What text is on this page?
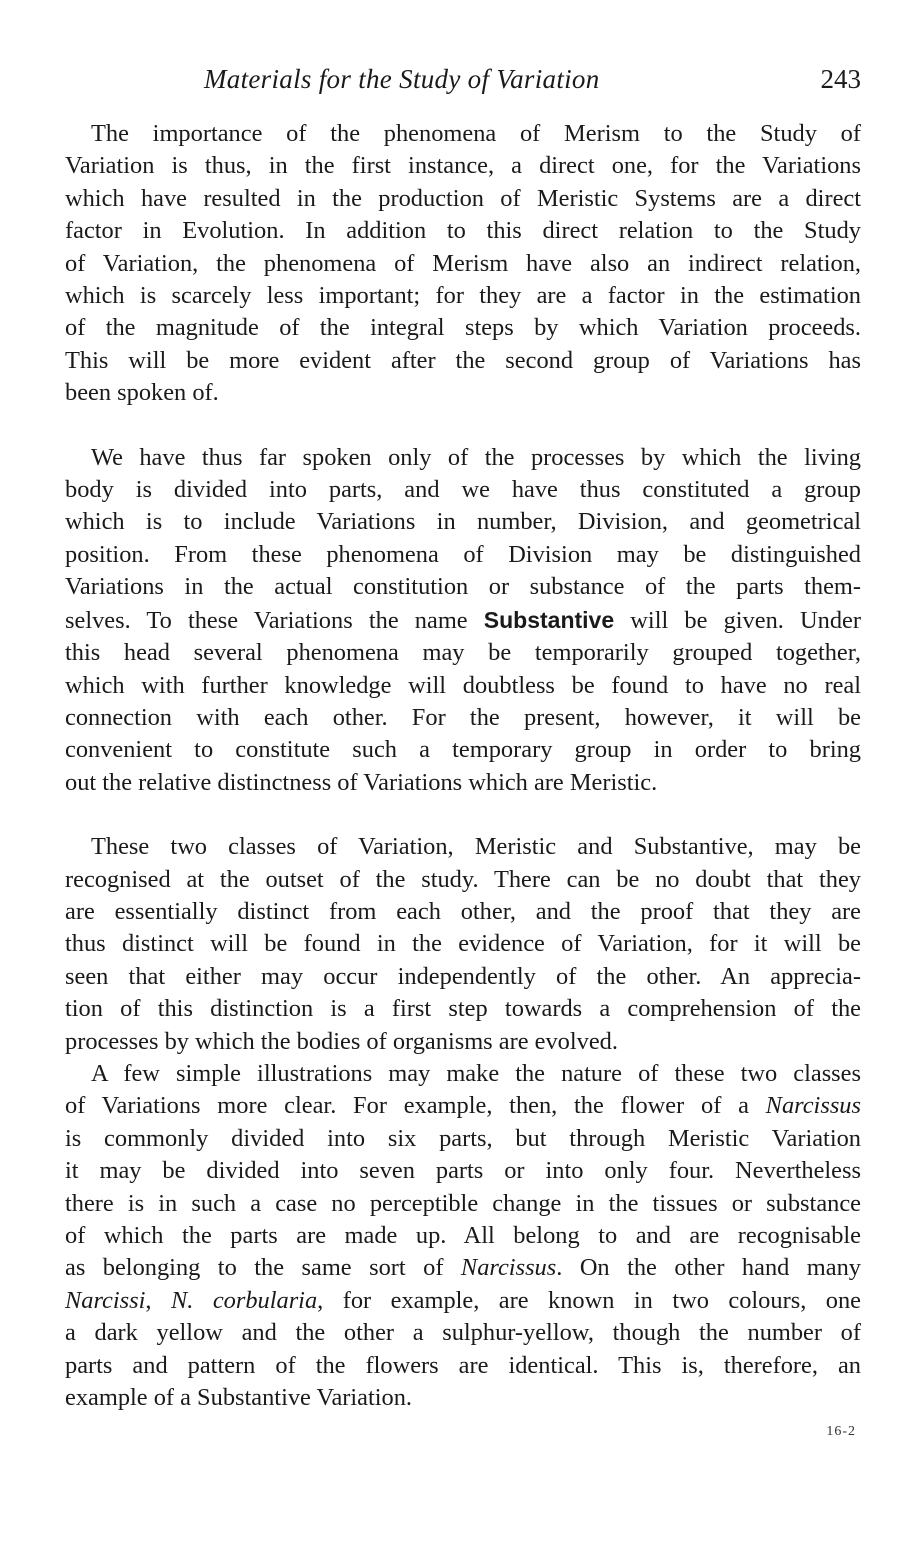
Materials for the Study of Variation	243

The importance of the phenomena of Merism to the Study of
Variation is thus, in the first instance, a direct one, for the Variations
which have resulted in the production of Meristic Systems are a direct
factor in Evolution. In addition to this direct relation to the Study
of Variation, the phenomena of Merism have also an indirect relation,
which is scarcely less important; for they are a factor in the estimation
of the magnitude of the integral steps by which Variation proceeds.
This will be more evident after the second group of Variations has
been spoken of.

We have thus far spoken only of the processes by which the living
body is divided into parts, and we have thus constituted a group
which is to include Variations in number, Division, and geometrical
position. From these phenomena of Division may be distinguished
Variations in the actual constitution or substance of the parts them-
selves. To these Variations the name Substantive will be given. Under
this head several phenomena may be temporarily grouped together,
which with further knowledge will doubtless be found to have no real
connection with each other. For the present, however, it will be
convenient to constitute such a temporary group in order to bring
out the relative distinctness of Variations which are Meristic.

These two classes of Variation, Meristic and Substantive, may be
recognised at the outset of the study. There can be no doubt that they
are essentially distinct from each other, and the proof that they are
thus distinct will be found in the evidence of Variation, for it will be
seen that either may occur independently of the other. An apprecia-
tion of this distinction is a first step towards a comprehension of the
processes by which the bodies of organisms are evolved.

A few simple illustrations may make the nature of these two classes
of Variations more clear. For example, then, the flower of a Narcissus
is commonly divided into six parts, but through Meristic Variation
it may be divided into seven parts or into only four. Nevertheless
there is in such a case no perceptible change in the tissues or substance
of which the parts are made up. All belong to and are recognisable
as belonging to the same sort of Narcissus. On the other hand many
Narcissi, N. corbularia, for example, are known in two colours, one
a dark yellow and the other a sulphur-yellow, though the number of
parts and pattern of the flowers are identical. This is, therefore, an
example of a Substantive Variation.

16-2
